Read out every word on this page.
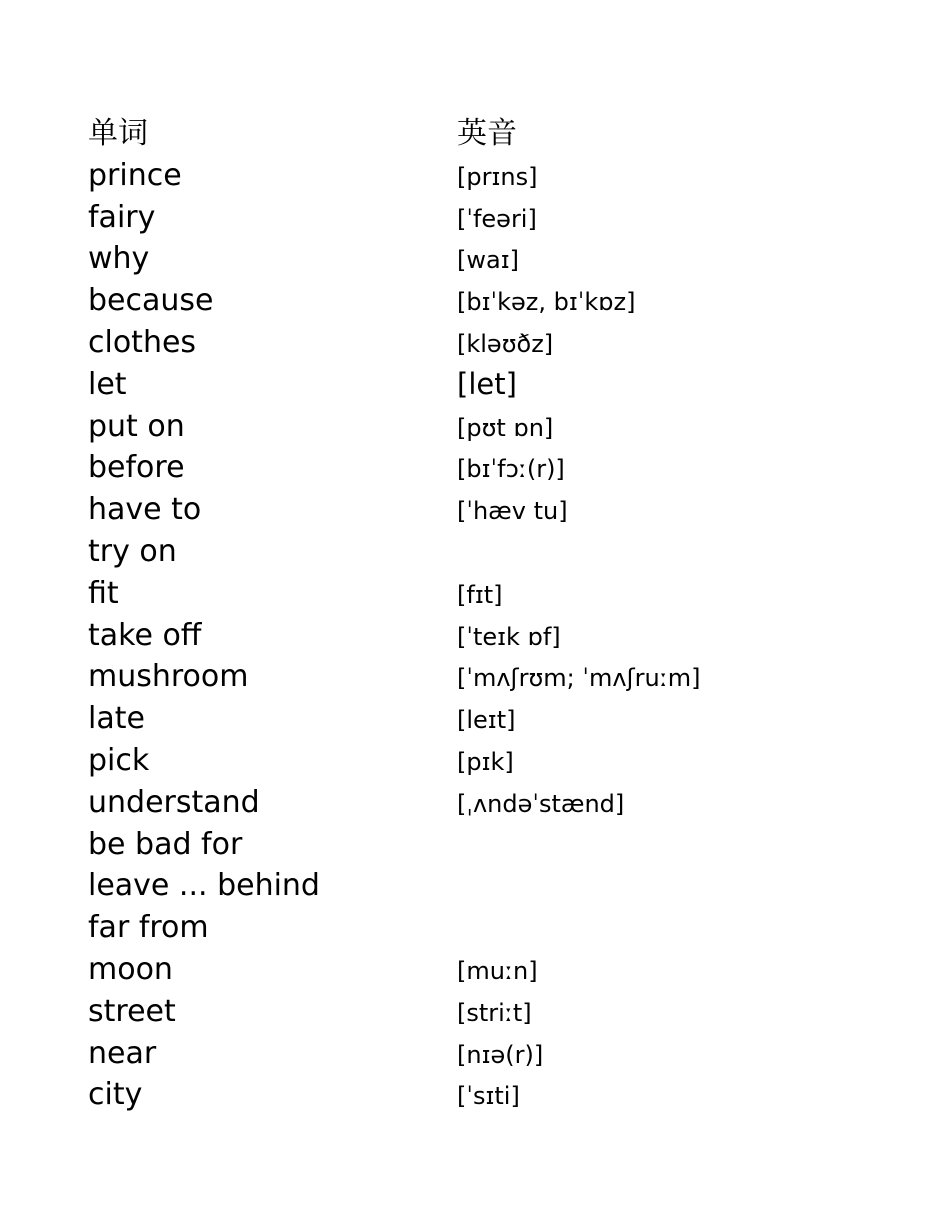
单词	英音
prince	[prɪns]
fairy	[ˈfeəri]
why	[waɪ]
because	[bɪˈkəz, bɪˈkɒz]
clothes	[kləʊðz]
let	[let]
put on	[pʊt ɒn]
before	[bɪˈfɔː(r)]
have to	[ˈhæv tu]
try on
fit	[fɪt]
take off	[ˈteɪk ɒf]
mushroom	[ˈmʌʃrʊm; ˈmʌʃruːm]
late	[leɪt]
pick	[pɪk]
understand	[ˌʌndəˈstænd]
be bad for
leave ... behind
far from
moon	[muːn]
street	[striːt]
near	[nɪə(r)]
city	[ˈsɪti]
